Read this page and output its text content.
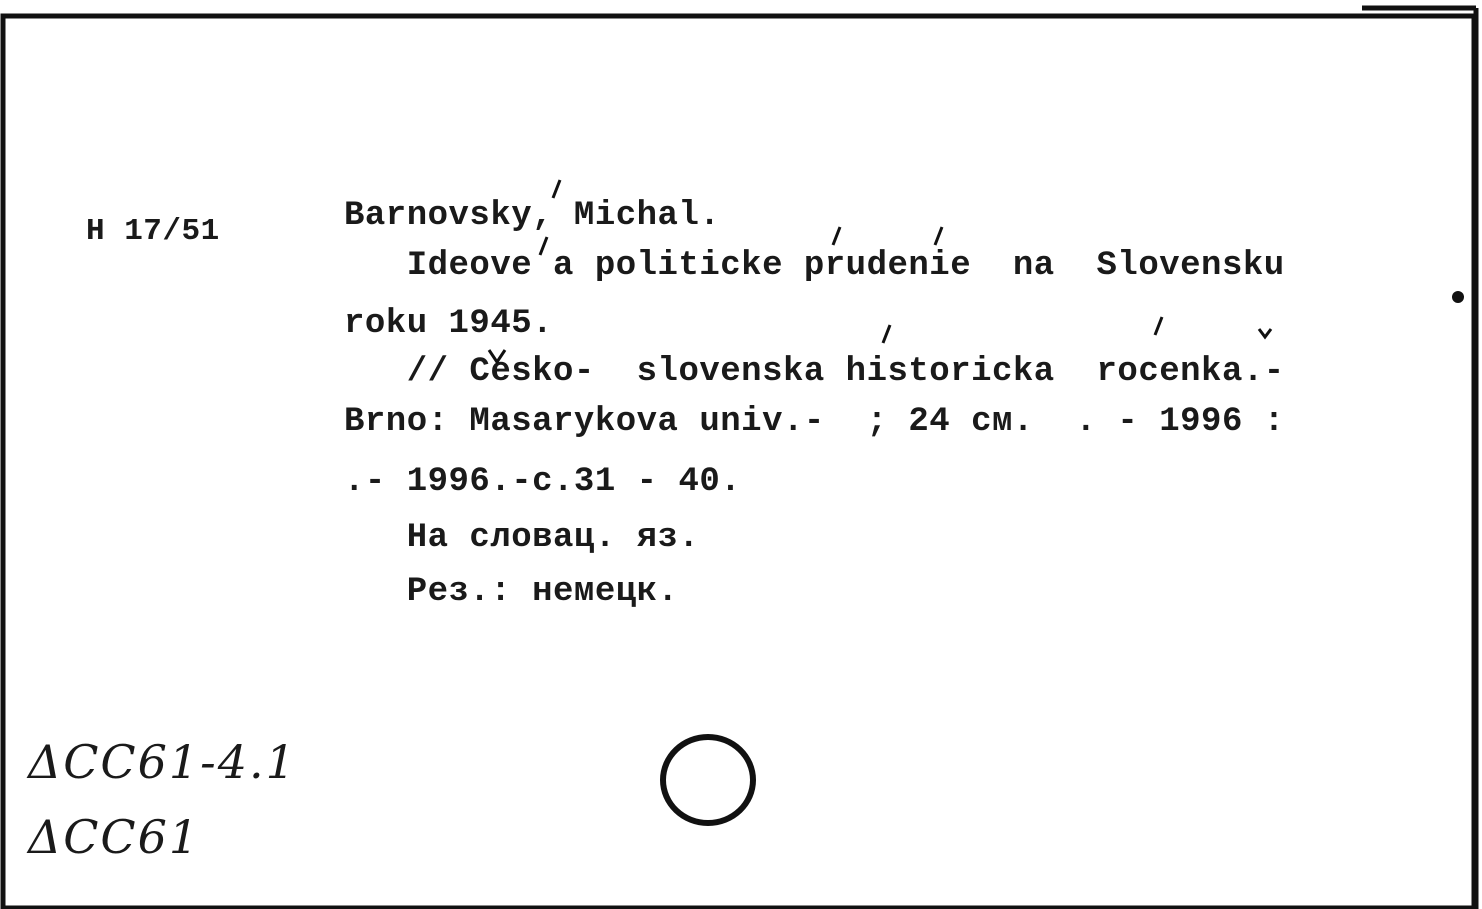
H 17/51	Barnovsky, Michal.
Ideove a politicke prudenie  na  Slovensku
roku 1945.
// Cesko-  slovenska historicka  rocenka.-
Brno: Masarykova univ.-  ; 24 см.  . - 1996 :
.- 1996.-c.31 - 40.
На словац. яз.
Рез.: немецк.
ΔCC61-4.1
ΔCC61
